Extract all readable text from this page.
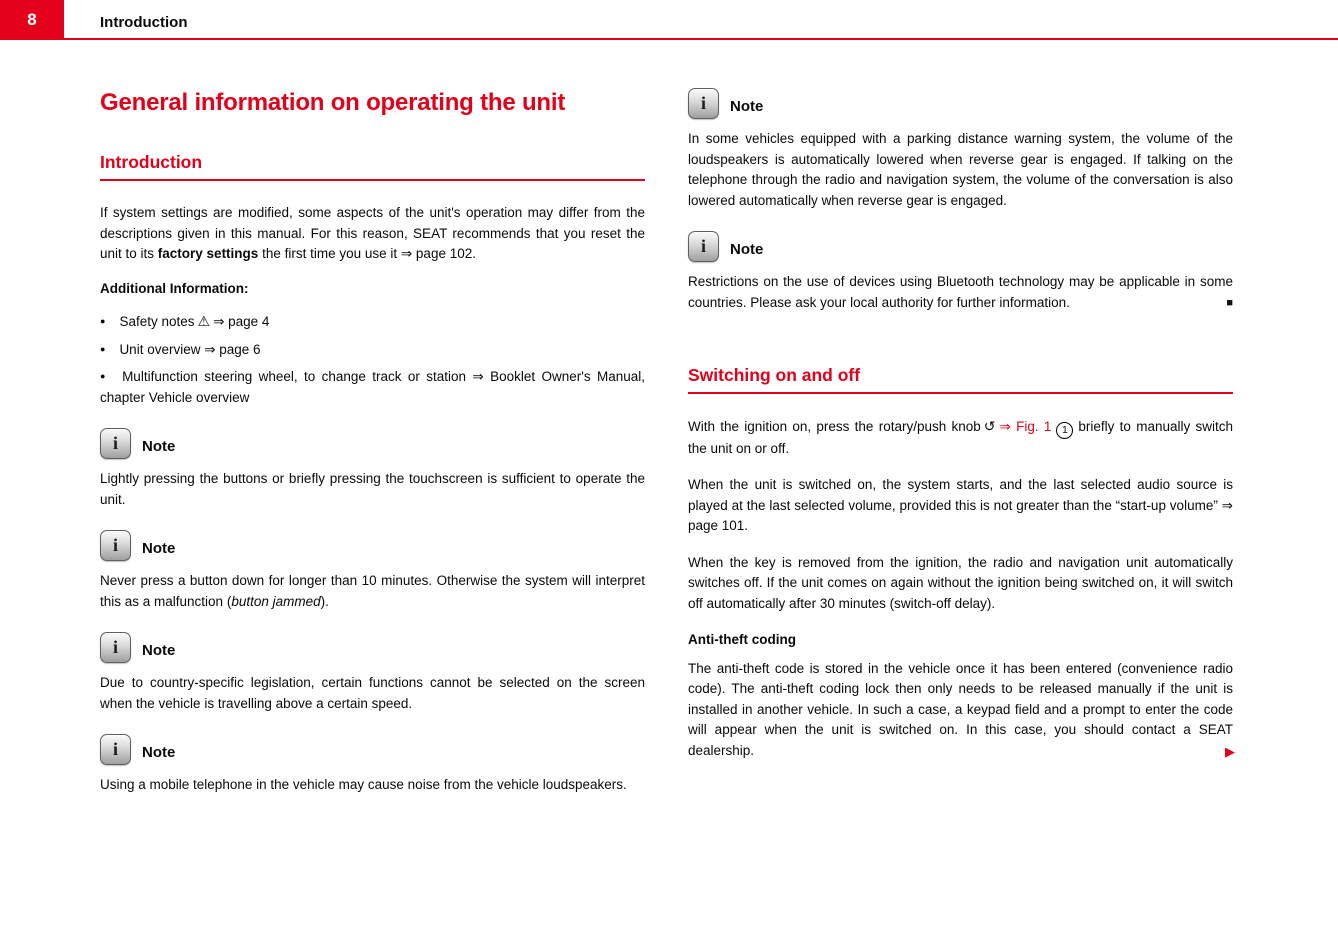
8	Introduction
General information on operating the unit
Introduction

If system settings are modified, some aspects of the unit's operation may differ from the descriptions given in this manual. For this reason, SEAT recommends that you reset the unit to its factory settings the first time you use it ⇒ page 102.

Additional Information:
● Safety notes ⚠ ⇒ page 4
● Unit overview ⇒ page 6
● Multifunction steering wheel, to change track or station ⇒ Booklet Owner's Manual, chapter Vehicle overview
i Note

Lightly pressing the buttons or briefly pressing the touchscreen is sufficient to operate the unit.

i Note

Never press a button down for longer than 10 minutes. Otherwise the system will interpret this as a malfunction (button jammed).

i Note

Due to country-specific legislation, certain functions cannot be selected on the screen when the vehicle is travelling above a certain speed.

i Note

Using a mobile telephone in the vehicle may cause noise from the vehicle loudspeakers.

i Note

In some vehicles equipped with a parking distance warning system, the volume of the loudspeakers is automatically lowered when reverse gear is engaged. If talking on the telephone through the radio and navigation system, the volume of the conversation is also lowered automatically when reverse gear is engaged.

i Note

Restrictions on the use of devices using Bluetooth technology may be applicable in some countries. Please ask your local authority for further information.	■

Switching on and off

With the ignition on, press the rotary/push knob ↺ ⇒ Fig. 1 1 briefly to manually switch the unit on or off.

When the unit is switched on, the system starts, and the last selected audio source is played at the last selected volume, provided this is not greater than the “start-up volume” ⇒ page 101.

When the key is removed from the ignition, the radio and navigation unit automatically switches off. If the unit comes on again without the ignition being switched on, it will switch off automatically after 30 minutes (switch-off delay).

Anti-theft coding

The anti-theft code is stored in the vehicle once it has been entered (convenience radio code). The anti-theft coding lock then only needs to be released manually if the unit is installed in another vehicle. In such a case, a keypad field and a prompt to enter the code will appear when the unit is switched on. In this case, you should contact a SEAT dealership.	▶
